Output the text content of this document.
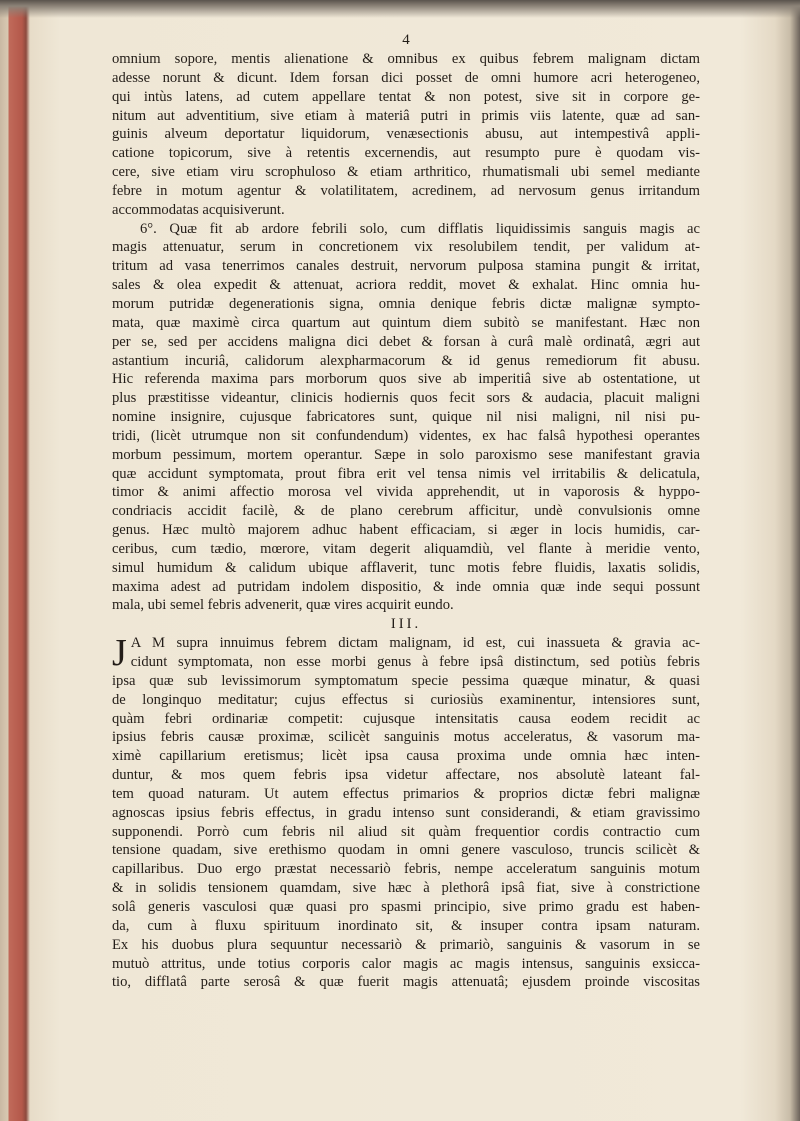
4
omnium sopore, mentis alienatione & omnibus ex quibus febrem malignam dictam
adesse norunt & dicunt. Idem forsan dici posset de omni humore acri heterogeneo,
qui intùs latens, ad cutem appellare tentat & non potest, sive sit in corpore ge-
nitum aut adventitium, sive etiam à materiâ putri in primis viis latente, quæ ad san-
guinis alveum deportatur liquidorum, venæsectionis abusu, aut intempestivâ appli-
catione topicorum, sive à retentis excernendis, aut resumpto pure è quodam vis-
cere, sive etiam viru scrophuloso & etiam arthritico, rhumatismali ubi semel mediante
febre in motum agentur & volatilitatem, acredinem, ad nervosum genus irritandum
accommodatas acquisiverunt.
6°. Quæ fit ab ardore febrili solo, cum difflatis liquidissimis sanguis magis ac
magis attenuatur, serum in concretionem vix resolubilem tendit, per validum at-
tritum ad vasa tenerrimos canales destruit, nervorum pulposa stamina pungit & irritat,
sales & olea expedit & attenuat, acriora reddit, movet & exhalat. Hinc omnia hu-
morum putridæ degenerationis signa, omnia denique febris dictæ malignæ sympto-
mata, quæ maximè circa quartum aut quintum diem subitò se manifestant. Hæc non
per se, sed per accidens maligna dici debet & forsan à curâ malè ordinatâ, ægri aut
astantium incuriâ, calidorum alexpharmacorum & id genus remediorum fit abusu.
Hic referenda maxima pars morborum quos sive ab imperitiâ sive ab ostentatione, ut
plus præstitisse videantur, clinicis hodiernis quos fecit sors & audacia, placuit maligni
nomine insignire, cujusque fabricatores sunt, quique nil nisi maligni, nil nisi pu-
tridi, (licèt utrumque non sit confundendum) videntes, ex hac falsâ hypothesi operantes
morbum pessimum, mortem operantur. Sæpe in solo paroxismo sese manifestant gravia
quæ accidunt symptomata, prout fibra erit vel tensa nimis vel irritabilis & delicatula,
timor & animi affectio morosa vel vivida apprehendit, ut in vaporosis & hyppo-
condriacis accidit facilè, & de plano cerebrum afficitur, undè convulsionis omne
genus. Hæc multò majorem adhuc habent efficaciam, si æger in locis humidis, car-
ceribus, cum tædio, mœrore, vitam degerit aliquamdiù, vel flante à meridie vento,
simul humidum & calidum ubique afflaverit, tunc motis febre fluidis, laxatis solidis,
maxima adest ad putridam indolem dispositio, & inde omnia quæ inde sequi possunt
mala, ubi semel febris advenerit, quæ vires acquirit eundo.
III.
J A M supra innuimus febrem dictam malignam, id est, cui inassueta & gravia ac-
cidunt symptomata, non esse morbi genus à febre ipsâ distinctum, sed potiùs febris
ipsa quæ sub levissimorum symptomatum specie pessima quæque minatur, & quasi
de longinquo meditatur; cujus effectus si curiosiùs examinentur, intensiores sunt,
quàm febri ordinariæ competit: cujusque intensitatis causa eodem recidit ac
ipsius febris causæ proximæ, scilicèt sanguinis motus acceleratus, & vasorum ma-
ximè capillarium eretismus; licèt ipsa causa proxima unde omnia hæc inten-
duntur, & mos quem febris ipsa videtur affectare, nos absolutè lateant fal-
tem quoad naturam. Ut autem effectus primarios & proprios dictæ febri malignæ
agnoscas ipsius febris effectus, in gradu intenso sunt considerandi, & etiam gravissimo
supponendi. Porrò cum febris nil aliud sit quàm frequentior cordis contractio cum
tensione quadam, sive erethismo quodam in omni genere vasculoso, truncis scilicèt &
capillaribus. Duo ergo præstat necessariò febris, nempe acceleratum sanguinis motum
& in solidis tensionem quamdam, sive hæc à plethorâ ipsâ fiat, sive à constrictione
solâ generis vasculosi quæ quasi pro spasmi principio, sive primo gradu est haben-
da, cum à fluxu spirituum inordinato sit, & insuper contra ipsam naturam.
Ex his duobus plura sequuntur necessariò & primariò, sanguinis & vasorum in se
mutuò attritus, unde totius corporis calor magis ac magis intensus, sanguinis exsicca-
tio, difflatâ parte serosâ & quæ fuerit magis attenuatâ; ejusdem proinde viscositas
